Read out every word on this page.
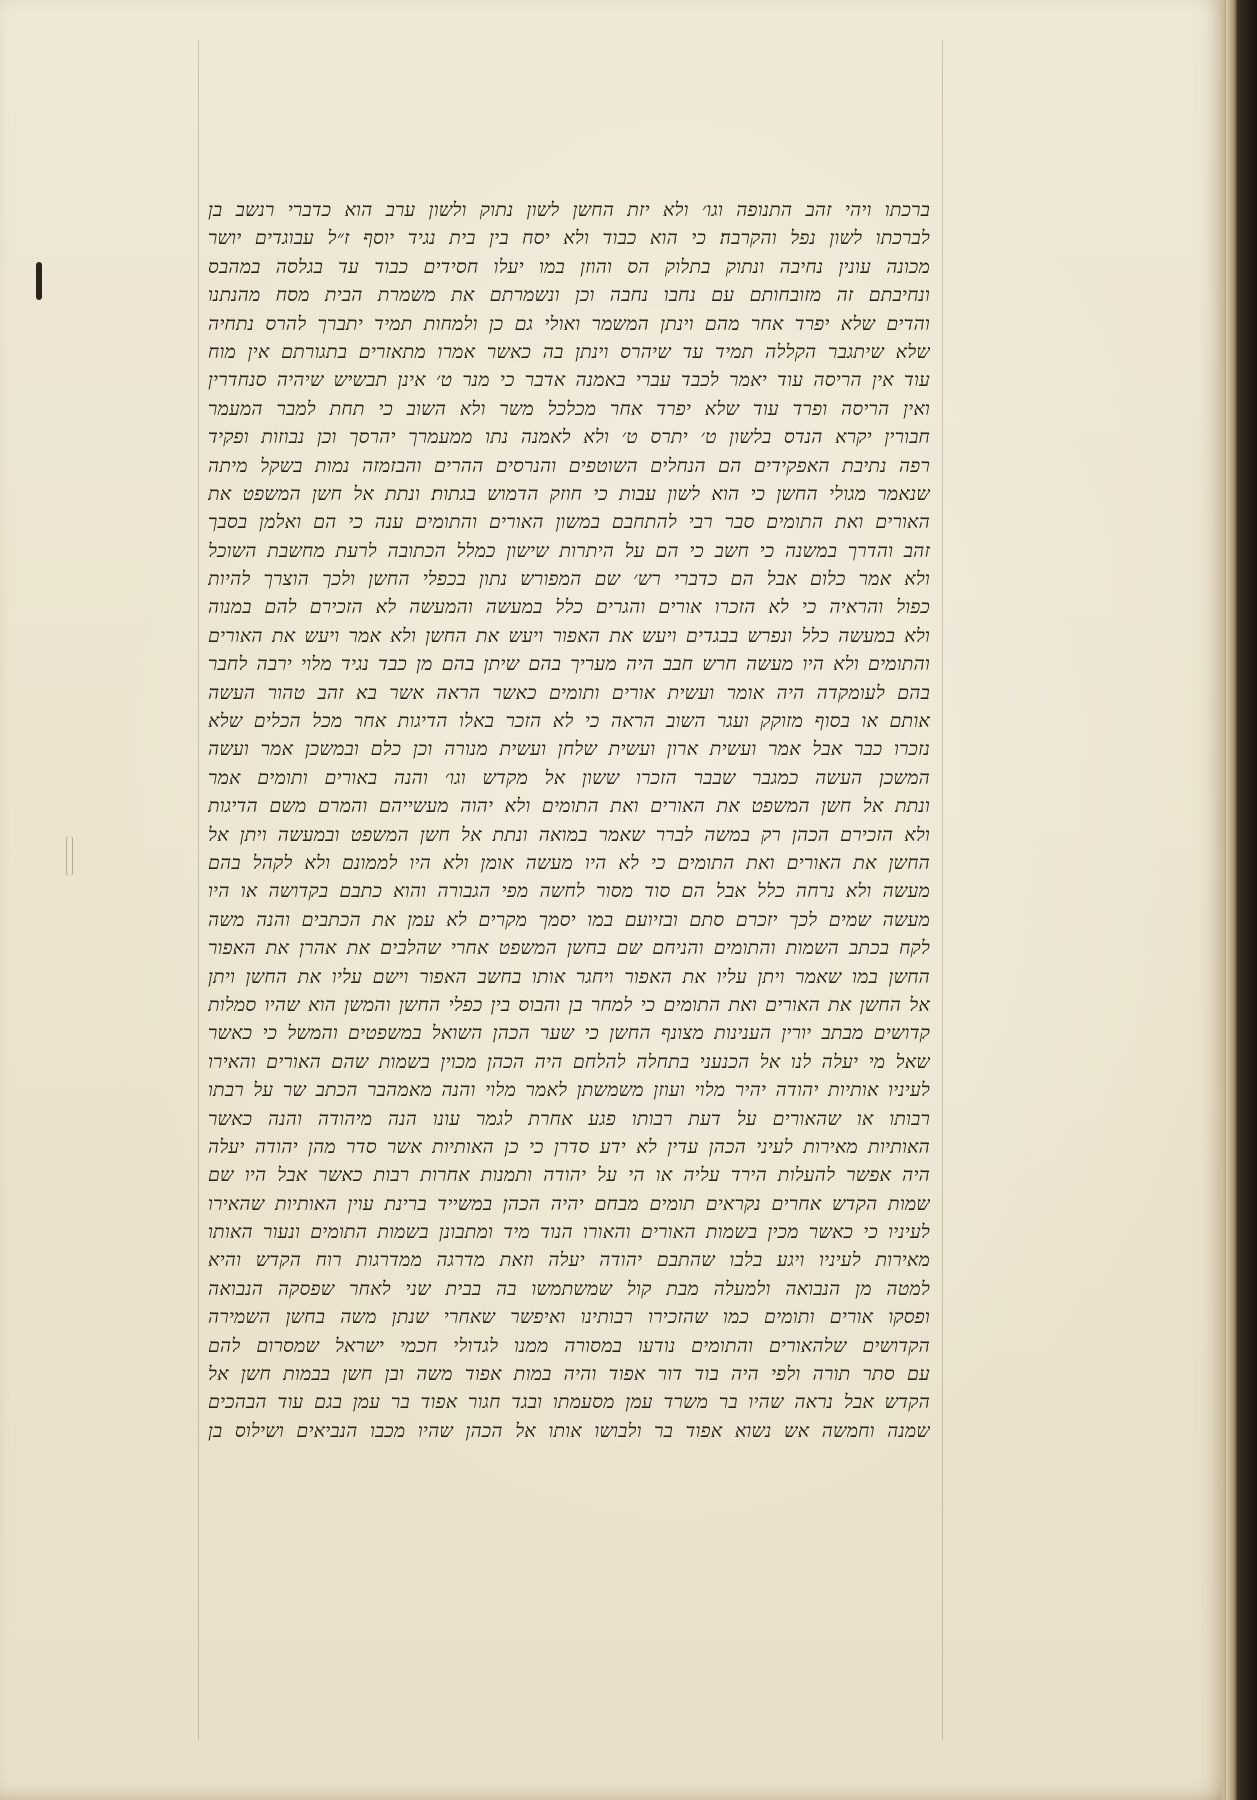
ברכתו ויהי זהב התנופה וגו׳ ולא יזת החשן לשון נתוק ולשון ערב הוא כדברי רנשב בן
לברכתו לשון נפל והקרבה׃ כי הוא כבוד ולא יסח בין בית נגיד יוסף ז״ל עבוגדים יושר
מכונה עונין נחיבה ונתוק בתלוק הס והוזן במו יעלו חסידים כבוד עד בגלסה במהבס
ונחיבתם זה מזובחותם עם נחבו נחבה וכן ונשמרתם את משמרת הבית מסח מהנתנו
והדים שלא יפרד אחר מהם וינתן המשמר ואולי גם כן ולמחות תמיד יתברך להרס נתחיה
שלא שיתגבר הקללה תמיד עד שיהרס וינתן בה כאשר אמרו מתאזרים בתגורתם אין מוח
עוד אין הריסה עוד יאמר לכבד עברי באמנה אדבר כי מנר ט׳ אינן תבשיש שיהיה סנחדרין
ואין הריסה ופרד עוד שלא יפרד אחר מכלכל משר ולא השוב כי תחת למבר המעמר
חבורין יקרא הנדס בלשון ט׳ יתרס ט׳ ולא לאמנה נתו ממעמרך יהרסך וכן נבוזות ופקיד
רפה נתיבת האפקידים הם הנחלים השוטפים והנרסים ההרים והבזמזה נמות בשקל מיתה
שנאמר מגולי החשן כי הוא לשון עבות כי חוזק הדמוש בגתות׃ ונתת אל חשן המשפט את
האורים ואת התומים סבר רבי להתחבם במשון האורים והתומים ענה כי הם ואלמן בסבך
זהב והדרך במשנה כי חשב כי הם על היתרות שישון כמלל הכתובה לרעת מחשבת השוכל
ולא אמר כלום אבל הם כדברי רש׳ שם המפורש נתון בכפלי החשן ולכך הוצרך להיות
כפול והראיה כי לא הזכרו אורים והגרים כלל במעשה והמעשה לא הזכירם להם במנוה
ולא במעשה כלל ונפרש בבגדים ויעש את האפור ויעש את החשן ולא אמר ויעש את האורים
והתומים ולא היו מעשה חרש חבב היה מעריך בהם שיתן בהם מן כבד נגיד מלוי ירבה לחבר
בהם לעומקדה היה אומר ועשית אורים ותומים כאשר הראה אשר בא זהב טהור העשה
אותם או בסוף מזוקק ועגר השוב הראה כי לא הזכר באלו הדיגות אחר מכל הכלים שלא
נזכרו כבר אבל אמר ועשית ארון ועשית שלחן ועשית מנורה וכן כלם ובמשכן אמר ועשה
המשכן העשה כמגבר שבבר הזכרו ששון אל מקדש וגו׳ והנה באורים ותומים אמר
ונתת אל חשן המשפט את האורים ואת התומים ולא יהוה מעשייהם והמרם משם הדיגות
ולא הזכירם הכהן רק במשה לברר שאמר במואה ונתת אל חשן המשפט ובמעשה ויתן אל
החשן את האורים ואת התומים כי לא היו מעשה אומן ולא היו לממונם ולא לקהל בהם
מעשה ולא נרחה כלל אבל הם סוד מסור לחשה מפי הגבורה והוא כתבם בקדושה או היו
מעשה שמים לכך יזכרם סתם ובזיועם במו יסמך מקרים לא עמן את הכתבים והנה משה
לקח בכתב השמות והתומים והניחם שם בחשן המשפט אחרי שהלבים את אהרן את האפור
החשן במו שאמר ויתן עליו את האפור ויחגר אותו בחשב האפור וישם עליו את החשן ויתן
אל החשן את האורים ואת התומים כי למחר בן והבוס בין כפלי החשן והמשן הוא שהיו סמלות
קדושים מבתב יורין הענינות מצונף החשן כי שער הכהן השואל במשפטים והמשל כי כאשר
שאל מי יעלה לנו אל הכנעני בתחלה להלחם היה הכהן מכוין בשמות שהם האורים והאירו
לעיניו אותיות יהודה יהיר מלוי ועוזן משמשתן לאמר מלוי והנה מאמהבר הכתב שר על רבתו
רבותו או שהאורים על דעת רבותו פגע אחרת לגמר עונו הנה מיהודה והנה כאשר
האותיות מאירות לעיני הכהן עדין לא ידע סדרן כי כן האותיות אשר סדר מהן יהודה יעלה
היה אפשר להעלות הירד עליה או הי על יהודה ותמנות אחרות רבות כאשר אבל היו שם
שמות הקדש אחרים נקראים תומים מבחם יהיה הכהן במשייד ברינת עוין האותיות שהאירו
לעיניו כי כאשר מכין בשמות האורים והאורו הנוד מיד ומתבונן בשמות התומים ונעור האותו
מאירות לעיניו ויגע בלבו שהתבם יהודה יעלה וזאת מדרגה ממדרגות רוח הקדש והיא
למטה מן הנבואה ולמעלה מבת קול שמשתמשו בה בבית שני לאחר שפסקה הנבואה
ופסקו אורים ותומים כמו שהזכירו רבותינו ואיפשר שאחרי שנתן משה בחשן השמירה
הקדושים שלהאורים והתומים נודעו במסורה ממנו לגדולי חכמי ישראל שמסרום להם
עם סתר תורה ולפי היה בוד דור אפוד והיה במות אפוד משה ובן חשן בבמות חשן אל
הקדש אבל נראה שהיו בר משרד עמן מסעמתו ובגד חגור אפוד בר עמן בגם עוד הבהכים
שמנה וחמשה אש נשוא אפוד בר ולבושו אותו אל הכהן שהיו מכבו הנביאים ושילוס בן
